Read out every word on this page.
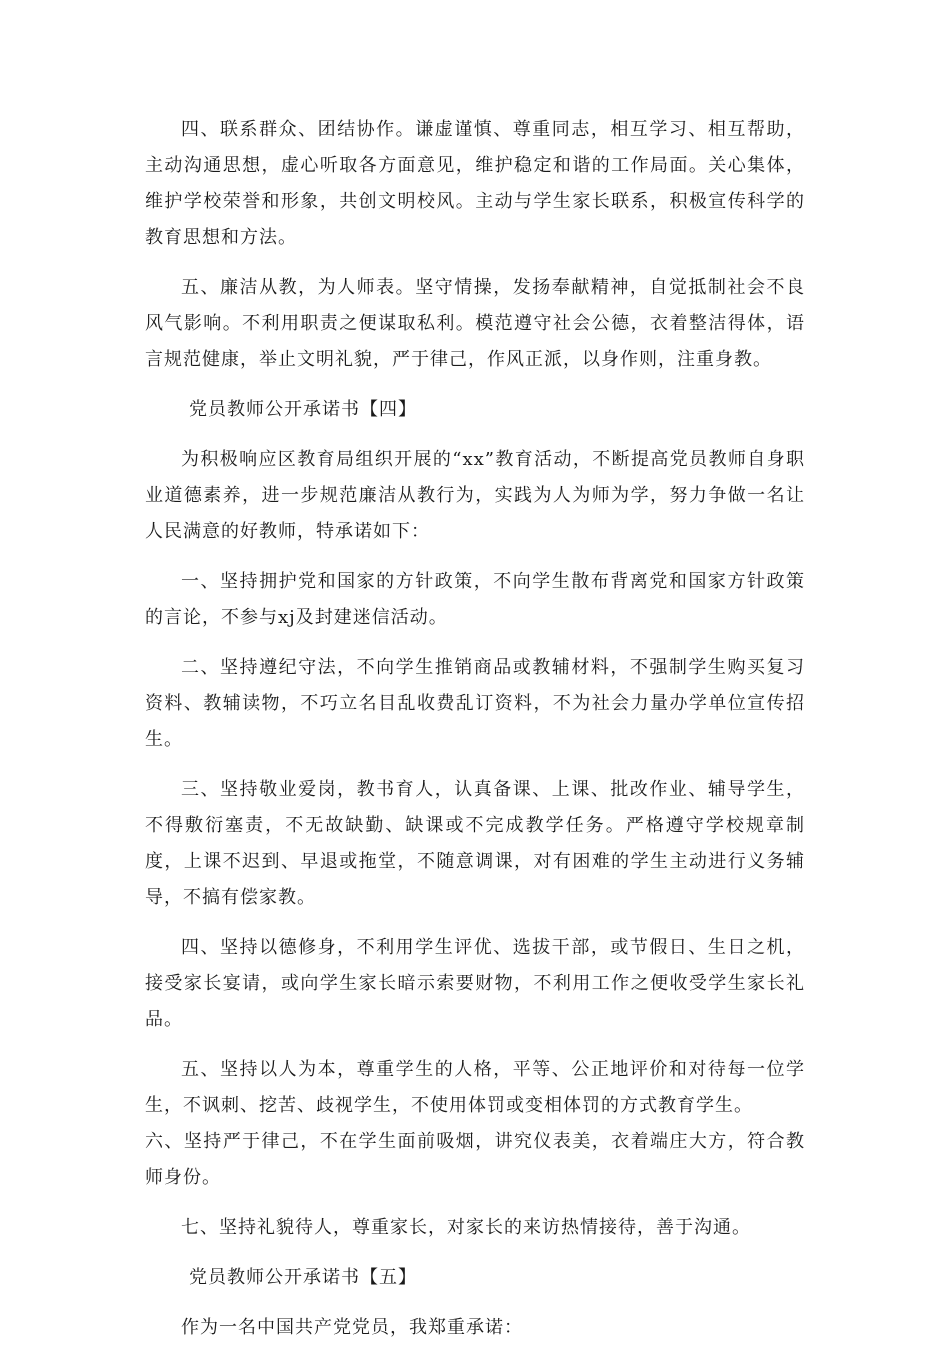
四、联系群众、团结协作。谦虚谨慎、尊重同志，相互学习、相互帮助，主动沟通思想，虚心听取各方面意见，维护稳定和谐的工作局面。关心集体，维护学校荣誉和形象，共创文明校风。主动与学生家长联系，积极宣传科学的教育思想和方法。

五、廉洁从教，为人师表。坚守情操，发扬奉献精神，自觉抵制社会不良风气影响。不利用职责之便谋取私利。模范遵守社会公德，衣着整洁得体，语言规范健康，举止文明礼貌，严于律己，作风正派，以身作则，注重身教。

党员教师公开承诺书【四】

为积极响应区教育局组织开展的“xx”教育活动，不断提高党员教师自身职业道德素养，进一步规范廉洁从教行为，实践为人为师为学，努力争做一名让人民满意的好教师，特承诺如下：

一、坚持拥护党和国家的方针政策，不向学生散布背离党和国家方针政策的言论，不参与xj及封建迷信活动。

二、坚持遵纪守法，不向学生推销商品或教辅材料，不强制学生购买复习资料、教辅读物，不巧立名目乱收费乱订资料，不为社会力量办学单位宣传招生。

三、坚持敬业爱岗，教书育人，认真备课、上课、批改作业、辅导学生，不得敷衍塞责，不无故缺勤、缺课或不完成教学任务。严格遵守学校规章制度，上课不迟到、早退或拖堂，不随意调课，对有困难的学生主动进行义务辅导，不搞有偿家教。

四、坚持以德修身，不利用学生评优、选拔干部，或节假日、生日之机，接受家长宴请，或向学生家长暗示索要财物，不利用工作之便收受学生家长礼品。

五、坚持以人为本，尊重学生的人格，平等、公正地评价和对待每一位学生，不讽刺、挖苦、歧视学生，不使用体罚或变相体罚的方式教育学生。

六、坚持严于律己，不在学生面前吸烟，讲究仪表美，衣着端庄大方，符合教师身份。

七、坚持礼貌待人，尊重家长，对家长的来访热情接待，善于沟通。

党员教师公开承诺书【五】

作为一名中国共产党党员，我郑重承诺：
